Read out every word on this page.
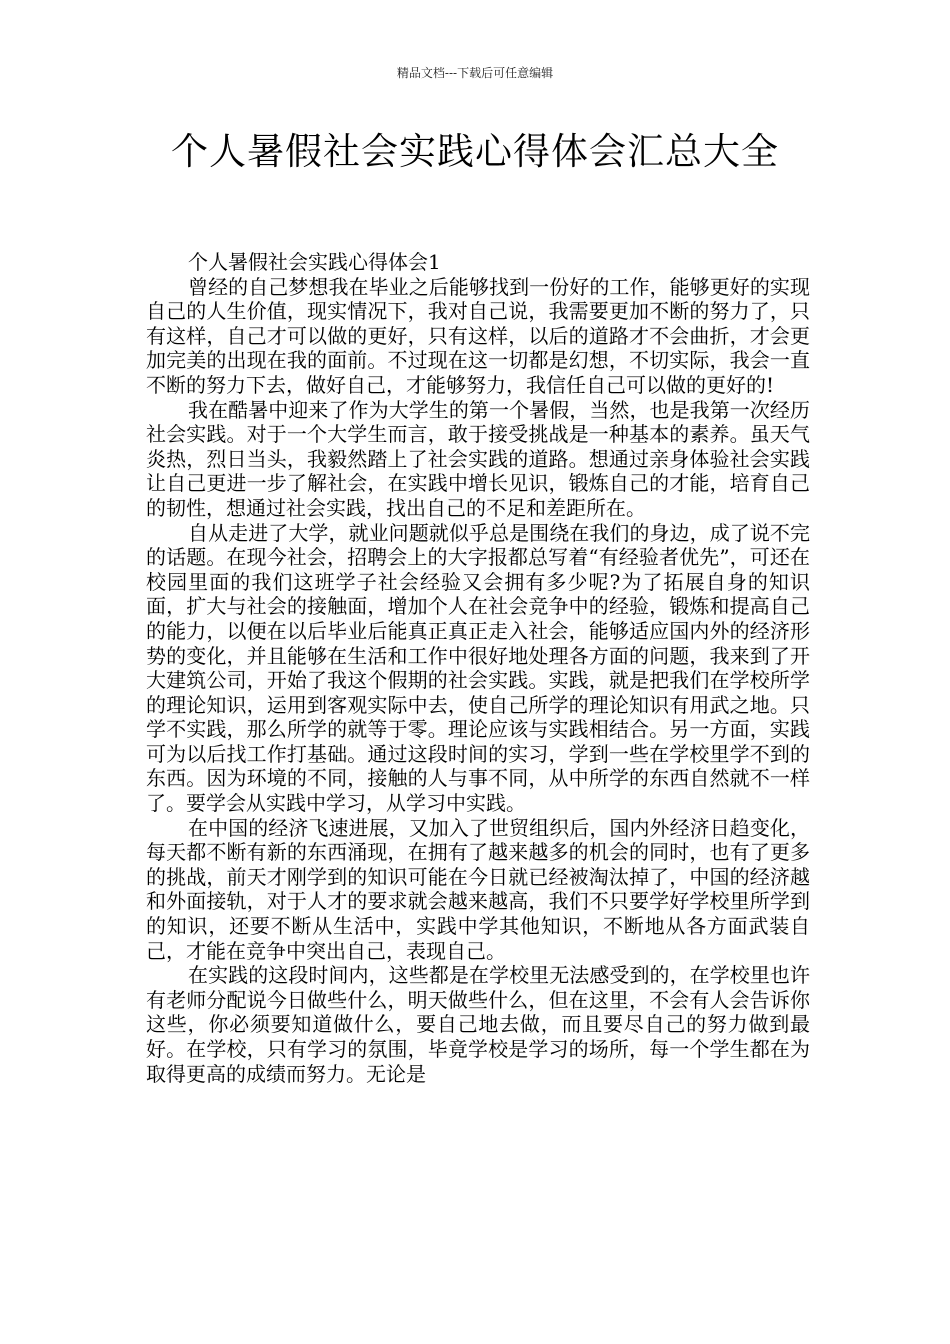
精品文档---下载后可任意编辑
个人暑假社会实践心得体会汇总大全
个人暑假社会实践心得体会1

曾经的自己梦想我在毕业之后能够找到一份好的工作，能够更好的实现自己的人生价值，现实情况下，我对自己说，我需要更加不断的努力了，只有这样，自己才可以做的更好，只有这样，以后的道路才不会曲折，才会更加完美的出现在我的面前。不过现在这一切都是幻想，不切实际，我会一直不断的努力下去，做好自己，才能够努力，我信任自己可以做的更好的!

我在酷暑中迎来了作为大学生的第一个暑假，当然，也是我第一次经历社会实践。对于一个大学生而言，敢于接受挑战是一种基本的素养。虽天气炎热，烈日当头，我毅然踏上了社会实践的道路。想通过亲身体验社会实践让自己更进一步了解社会，在实践中增长见识，锻炼自己的才能，培育自己的韧性，想通过社会实践，找出自己的不足和差距所在。

自从走进了大学，就业问题就似乎总是围绕在我们的身边，成了说不完的话题。在现今社会，招聘会上的大字报都总写着“有经验者优先”，可还在校园里面的我们这班学子社会经验又会拥有多少呢?为了拓展自身的知识面，扩大与社会的接触面，增加个人在社会竞争中的经验，锻炼和提高自己的能力，以便在以后毕业后能真正真正走入社会，能够适应国内外的经济形势的变化，并且能够在生活和工作中很好地处理各方面的问题，我来到了开大建筑公司，开始了我这个假期的社会实践。实践，就是把我们在学校所学的理论知识，运用到客观实际中去，使自己所学的理论知识有用武之地。只学不实践，那么所学的就等于零。理论应该与实践相结合。另一方面，实践可为以后找工作打基础。通过这段时间的实习，学到一些在学校里学不到的东西。因为环境的不同，接触的人与事不同，从中所学的东西自然就不一样了。要学会从实践中学习，从学习中实践。

在中国的经济飞速进展，又加入了世贸组织后，国内外经济日趋变化，每天都不断有新的东西涌现，在拥有了越来越多的机会的同时，也有了更多的挑战，前天才刚学到的知识可能在今日就已经被淘汰掉了，中国的经济越和外面接轨，对于人才的要求就会越来越高，我们不只要学好学校里所学到的知识，还要不断从生活中，实践中学其他知识，不断地从各方面武装自己，才能在竞争中突出自己，表现自己。

在实践的这段时间内，这些都是在学校里无法感受到的，在学校里也许有老师分配说今日做些什么，明天做些什么，但在这里，不会有人会告诉你这些，你必须要知道做什么，要自己地去做，而且要尽自己的努力做到最好。在学校，只有学习的氛围，毕竟学校是学习的场所，每一个学生都在为取得更高的成绩而努力。无论是
